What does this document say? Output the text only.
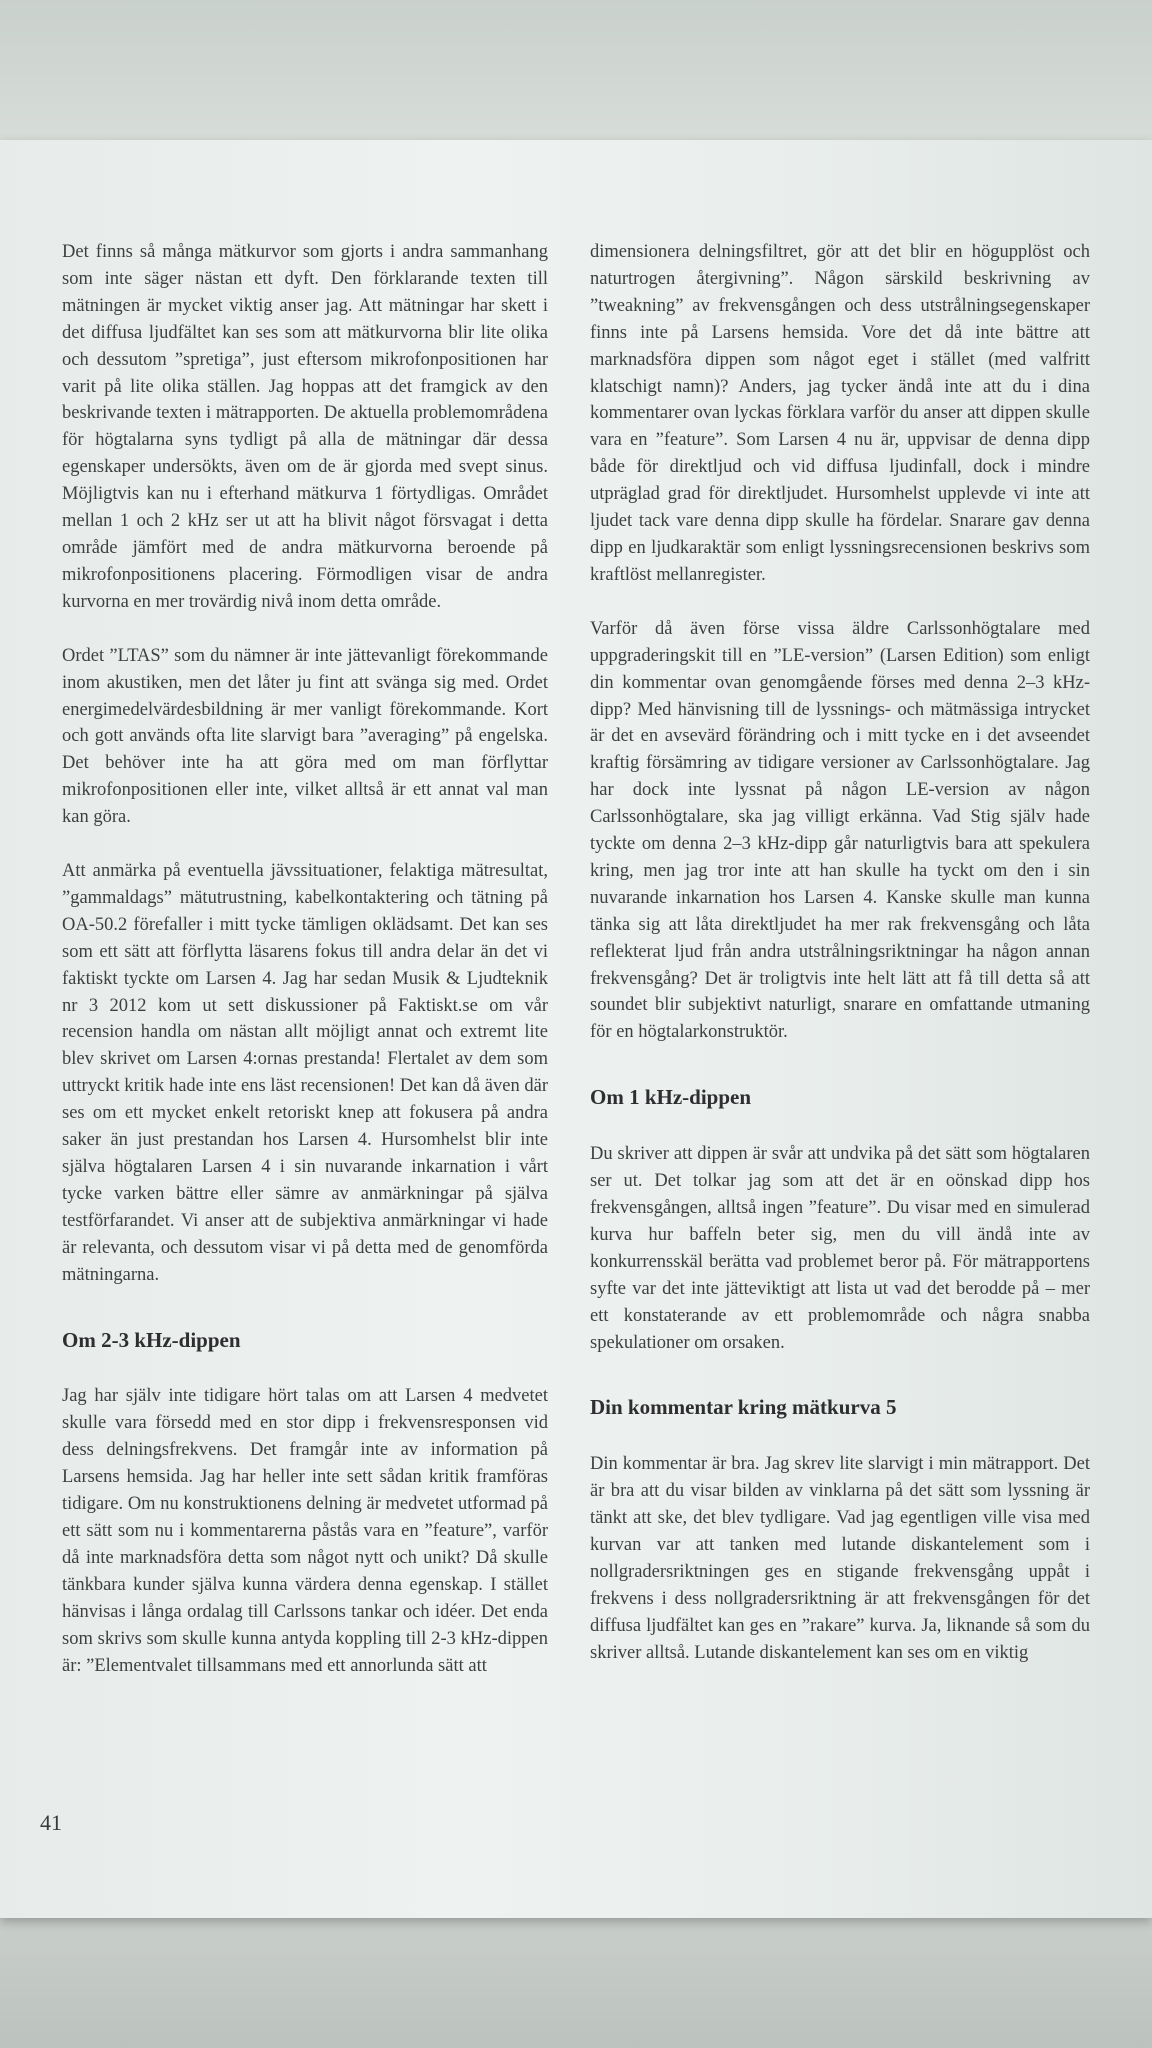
Det finns så många mätkurvor som gjorts i andra sammanhang som inte säger nästan ett dyft. Den förklarande texten till mätningen är mycket viktig anser jag. Att mätningar har skett i det diffusa ljudfältet kan ses som att mätkurvorna blir lite olika och dessutom ”spretiga”, just eftersom mikrofonpositionen har varit på lite olika ställen. Jag hoppas att det framgick av den beskrivande texten i mätrapporten. De aktuella problemområdena för högtalarna syns tydligt på alla de mätningar där dessa egenskaper undersökts, även om de är gjorda med svept sinus. Möjligtvis kan nu i efterhand mätkurva 1 förtydligas. Området mellan 1 och 2 kHz ser ut att ha blivit något försvagat i detta område jämfört med de andra mätkurvorna beroende på mikrofonpositionens placering. Förmodligen visar de andra kurvorna en mer trovärdig nivå inom detta område.

Ordet ”LTAS” som du nämner är inte jättevanligt förekommande inom akustiken, men det låter ju fint att svänga sig med. Ordet energimedelvärdesbildning är mer vanligt förekommande. Kort och gott används ofta lite slarvigt bara ”averaging” på engelska. Det behöver inte ha att göra med om man förflyttar mikrofonpositionen eller inte, vilket alltså är ett annat val man kan göra.

Att anmärka på eventuella jävssituationer, felaktiga mätresultat, ”gammaldags” mätutrustning, kabelkontaktering och tätning på OA-50.2 förefaller i mitt tycke tämligen oklädsamt. Det kan ses som ett sätt att förflytta läsarens fokus till andra delar än det vi faktiskt tyckte om Larsen 4. Jag har sedan Musik & Ljudteknik nr 3 2012 kom ut sett diskussioner på Faktiskt.se om vår recension handla om nästan allt möjligt annat och extremt lite blev skrivet om Larsen 4:ornas prestanda! Flertalet av dem som uttryckt kritik hade inte ens läst recensionen! Det kan då även där ses om ett mycket enkelt retoriskt knep att fokusera på andra saker än just prestandan hos Larsen 4. Hursomhelst blir inte själva högtalaren Larsen 4 i sin nuvarande inkarnation i vårt tycke varken bättre eller sämre av anmärkningar på själva testförfarandet. Vi anser att de subjektiva anmärkningar vi hade är relevanta, och dessutom visar vi på detta med de genomförda mätningarna.

Om 2-3 kHz-dippen

Jag har själv inte tidigare hört talas om att Larsen 4 medvetet skulle vara försedd med en stor dipp i frekvensresponsen vid dess delningsfrekvens. Det framgår inte av information på Larsens hemsida. Jag har heller inte sett sådan kritik framföras tidigare. Om nu konstruktionens delning är medvetet utformad på ett sätt som nu i kommentarerna påstås vara en ”feature”, varför då inte marknadsföra detta som något nytt och unikt? Då skulle tänkbara kunder själva kunna värdera denna egenskap. I stället hänvisas i långa ordalag till Carlssons tankar och idéer. Det enda som skrivs som skulle kunna antyda koppling till 2-3 kHz-dippen är: ”Elementvalet tillsammans med ett annorlunda sätt att

dimensionera delningsfiltret, gör att det blir en högupplöst och naturtrogen återgivning”. Någon särskild beskrivning av ”tweakning” av frekvensgången och dess utstrålningsegenskaper finns inte på Larsens hemsida. Vore det då inte bättre att marknadsföra dippen som något eget i stället (med valfritt klatschigt namn)? Anders, jag tycker ändå inte att du i dina kommentarer ovan lyckas förklara varför du anser att dippen skulle vara en ”feature”. Som Larsen 4 nu är, uppvisar de denna dipp både för direktljud och vid diffusa ljudinfall, dock i mindre utpräglad grad för direktljudet. Hursomhelst upplevde vi inte att ljudet tack vare denna dipp skulle ha fördelar. Snarare gav denna dipp en ljudkaraktär som enligt lyssningsrecensionen beskrivs som kraftlöst mellanregister.

Varför då även förse vissa äldre Carlssonhögtalare med uppgraderingskit till en ”LE-version” (Larsen Edition) som enligt din kommentar ovan genomgående förses med denna 2–3 kHz-dipp? Med hänvisning till de lyssnings- och mätmässiga intrycket är det en avsevärd förändring och i mitt tycke en i det avseendet kraftig försämring av tidigare versioner av Carlssonhögtalare. Jag har dock inte lyssnat på någon LE-version av någon Carlssonhögtalare, ska jag villigt erkänna. Vad Stig själv hade tyckte om denna 2–3 kHz-dipp går naturligtvis bara att spekulera kring, men jag tror inte att han skulle ha tyckt om den i sin nuvarande inkarnation hos Larsen 4. Kanske skulle man kunna tänka sig att låta direktljudet ha mer rak frekvensgång och låta reflekterat ljud från andra utstrålningsriktningar ha någon annan frekvensgång? Det är troligtvis inte helt lätt att få till detta så att soundet blir subjektivt naturligt, snarare en omfattande utmaning för en högtalarkonstruktör.

Om 1 kHz-dippen

Du skriver att dippen är svår att undvika på det sätt som högtalaren ser ut. Det tolkar jag som att det är en oönskad dipp hos frekvensgången, alltså ingen ”feature”. Du visar med en simulerad kurva hur baffeln beter sig, men du vill ändå inte av konkurrensskäl berätta vad problemet beror på. För mätrapportens syfte var det inte jätteviktigt att lista ut vad det berodde på – mer ett konstaterande av ett problemområde och några snabba spekulationer om orsaken.

Din kommentar kring mätkurva 5

Din kommentar är bra. Jag skrev lite slarvigt i min mätrapport. Det är bra att du visar bilden av vinklarna på det sätt som lyssning är tänkt att ske, det blev tydligare. Vad jag egentligen ville visa med kurvan var att tanken med lutande diskantelement som i nollgradersriktningen ges en stigande frekvensgång uppåt i frekvens i dess nollgradersriktning är att frekvensgången för det diffusa ljudfältet kan ges en ”rakare” kurva. Ja, liknande så som du skriver alltså. Lutande diskantelement kan ses om en viktig

41
